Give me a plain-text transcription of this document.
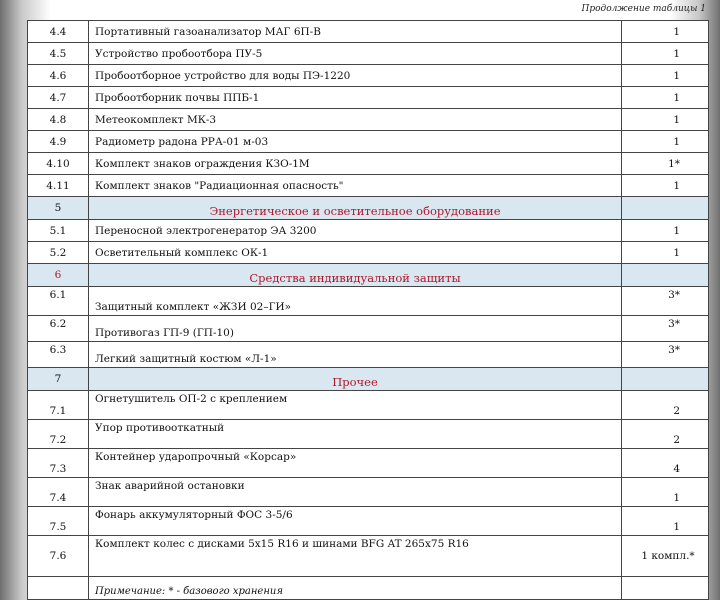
Продолжение таблицы 1
4.4	Портативный газоанализатор МАГ 6П-В	1
4.5	Устройство пробоотбора ПУ-5	1
4.6	Пробоотборное устройство для воды ПЭ-1220	1
4.7	Пробоотборник почвы ППБ-1	1
4.8	Метеокомплект МК-3	1
4.9	Радиометр радона РРА-01 м-03	1
4.10	Комплект знаков ограждения КЗО-1М	1*
4.11	Комплект знаков "Радиационная опасность"	1
5	Энергетическое и осветительное оборудование	
5.1	Переносной электрогенератор ЭА 3200	1
5.2	Осветительный комплекс ОК-1	1
6	Средства индивидуальной защиты	
6.1	Защитный комплект «ЖЗИ 02–ГИ»	3*
6.2	Противогаз ГП-9 (ГП-10)	3*
6.3	Легкий защитный костюм «Л-1»	3*
7	Прочее	
7.1	Огнетушитель ОП-2 с креплением	2
7.2	Упор противооткатный	2
7.3	Контейнер ударопрочный «Корсар»	4
7.4	Знак аварийной остановки	1
7.5	Фонарь аккумуляторный ФОС 3-5/6	1
7.6	Комплект колес с дисками 5х15 R16 и шинами BFG AT 265х75 R16	1 компл.*
	Примечание: * - базового хранения	
